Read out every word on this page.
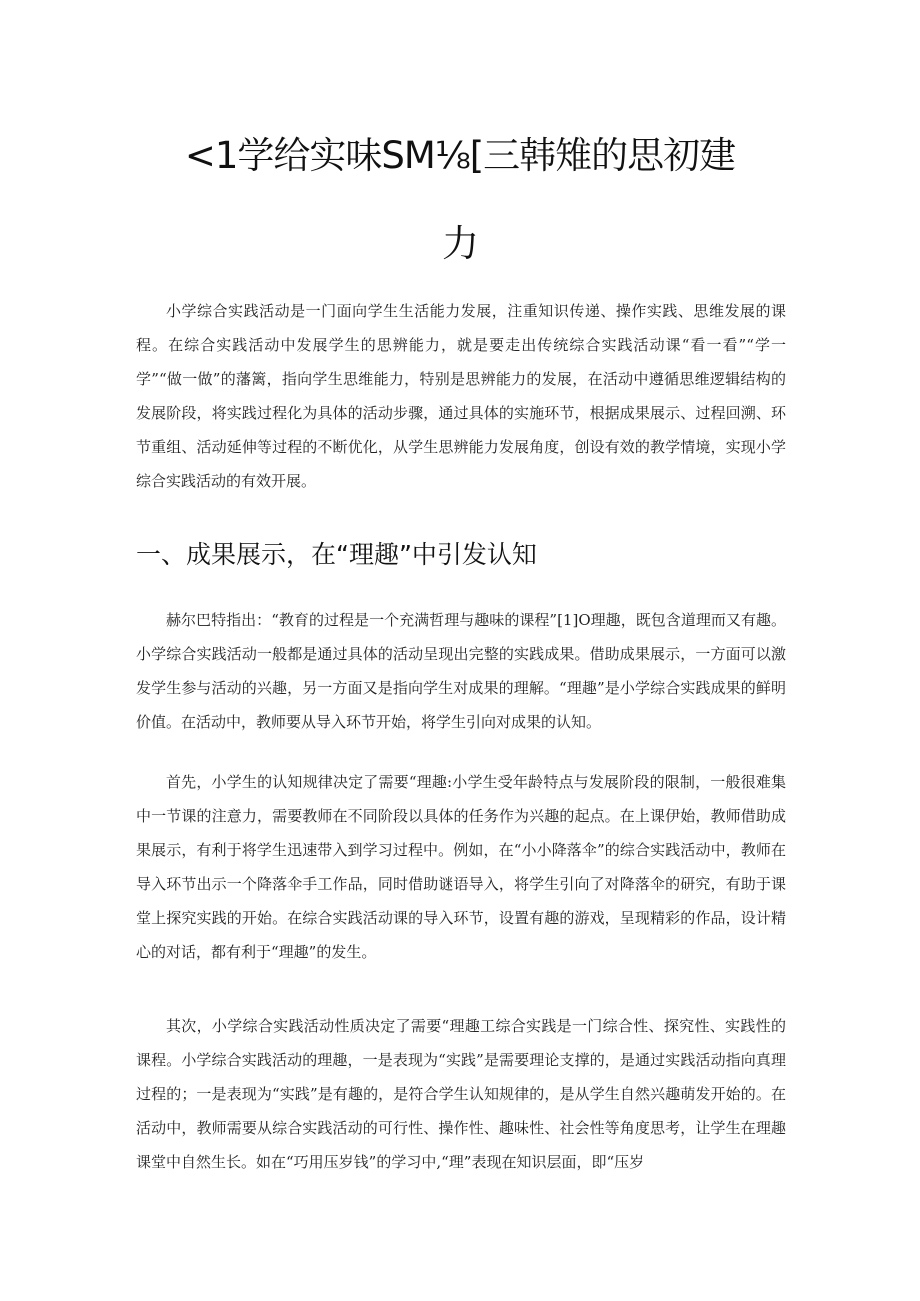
<1学给实味SM⅛[三韩雉的思初建
力

小学综合实践活动是一门面向学生生活能力发展，注重知识传递、操作实践、思维发展的课程。在综合实践活动中发展学生的思辨能力，就是要走出传统综合实践活动课“看一看”“学一学”“做一做”的藩篱，指向学生思维能力，特别是思辨能力的发展，在活动中遵循思维逻辑结构的发展阶段，将实践过程化为具体的活动步骤，通过具体的实施环节，根据成果展示、过程回溯、环节重组、活动延伸等过程的不断优化，从学生思辨能力发展角度，创设有效的教学情境，实现小学综合实践活动的有效开展。

一、成果展示，在“理趣”中引发认知

赫尔巴特指出：“教育的过程是一个充满哲理与趣味的课程”[1]O理趣，既包含道理而又有趣。小学综合实践活动一般都是通过具体的活动呈现出完整的实践成果。借助成果展示，一方面可以激发学生参与活动的兴趣，另一方面又是指向学生对成果的理解。“理趣”是小学综合实践成果的鲜明价值。在活动中，教师要从导入环节开始，将学生引向对成果的认知。

首先，小学生的认知规律决定了需要“理趣:小学生受年龄特点与发展阶段的限制，一般很难集中一节课的注意力，需要教师在不同阶段以具体的任务作为兴趣的起点。在上课伊始，教师借助成果展示，有利于将学生迅速带入到学习过程中。例如，在“小小降落伞”的综合实践活动中，教师在导入环节出示一个降落伞手工作品，同时借助谜语导入，将学生引向了对降落伞的研究，有助于课堂上探究实践的开始。在综合实践活动课的导入环节，设置有趣的游戏，呈现精彩的作品，设计精心的对话，都有利于“理趣”的发生。

其次，小学综合实践活动性质决定了需要“理趣工综合实践是一门综合性、探究性、实践性的课程。小学综合实践活动的理趣，一是表现为“实践”是需要理论支撑的，是通过实践活动指向真理过程的；一是表现为“实践”是有趣的，是符合学生认知规律的，是从学生自然兴趣萌发开始的。在活动中，教师需要从综合实践活动的可行性、操作性、趣味性、社会性等角度思考，让学生在理趣课堂中自然生长。如在“巧用压岁钱”的学习中,“理”表现在知识层面，即“压岁
